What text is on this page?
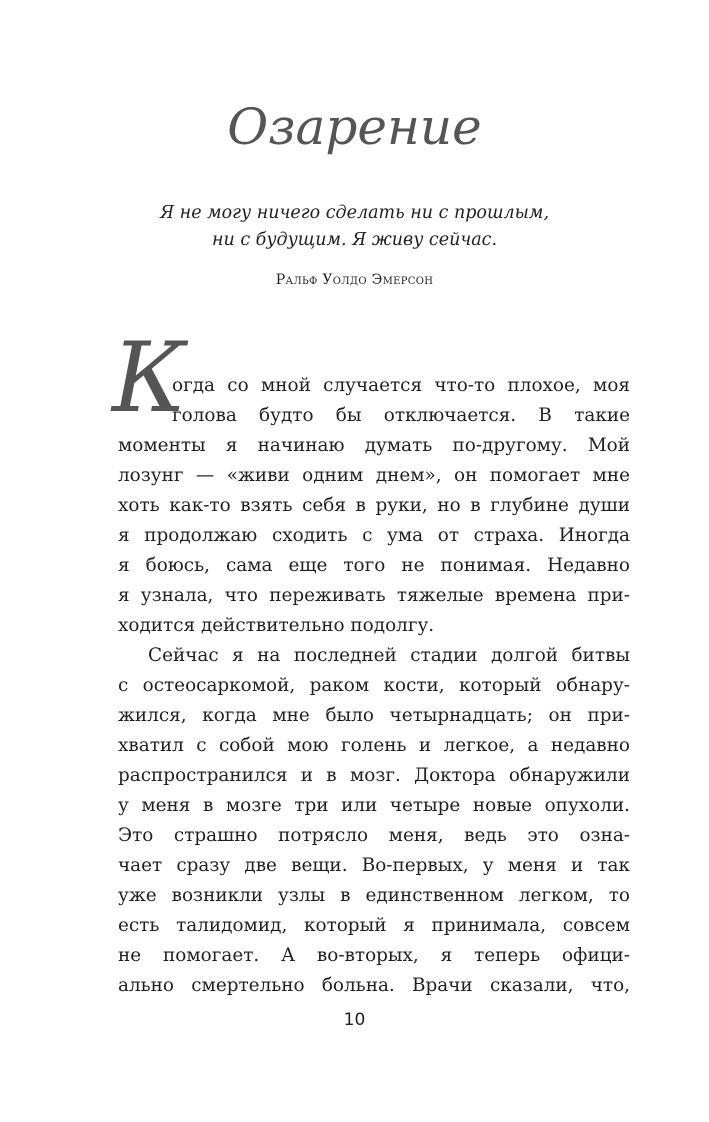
Озарение
Я не могу ничего сделать ни с прошлым,
ни с будущим. Я живу сейчас.
Ральф Уолдо Эмерсон
К
огда со мной случается что-то плохое, моя
голова будто бы отключается. В такие
моменты я начинаю думать по-другому. Мой
лозунг — «живи одним днем», он помогает мне
хоть как-то взять себя в руки, но в глубине души
я продолжаю сходить с ума от страха. Иногда
я боюсь, сама еще того не понимая. Недавно
я узнала, что переживать тяжелые времена при-
ходится действительно подолгу.
Сейчас я на последней стадии долгой битвы
с остеосаркомой, раком кости, который обнару-
жился, когда мне было четырнадцать; он при-
хватил с собой мою голень и легкое, а недавно
распространился и в мозг. Доктора обнаружили
у меня в мозге три или четыре новые опухоли.
Это страшно потрясло меня, ведь это озна-
чает сразу две вещи. Во-первых, у меня и так
уже возникли узлы в единственном легком, то
есть талидомид, который я принимала, совсем
не помогает. А во-вторых, я теперь офици-
ально смертельно больна. Врачи сказали, что,
10
